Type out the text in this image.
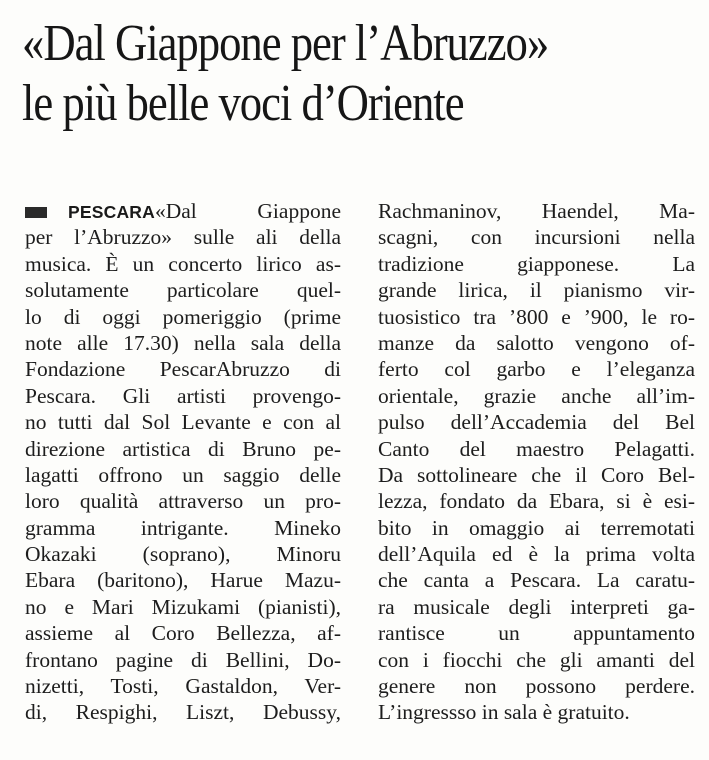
«Dal Giappone per l’Abruzzo»
le più belle voci d’Oriente
PESCARA «Dal Giappone
per l’Abruzzo» sulle ali della
musica. È un concerto lirico as-
solutamente particolare quel-
lo di oggi pomeriggio (prime
note alle 17.30) nella sala della
Fondazione PescarAbruzzo di
Pescara. Gli artisti provengo-
no tutti dal Sol Levante e con al
direzione artistica di Bruno pe-
lagatti offrono un saggio delle
loro qualità attraverso un pro-
gramma intrigante. Mineko
Okazaki (soprano), Minoru
Ebara (baritono), Harue Mazu-
no e Mari Mizukami (pianisti),
assieme al Coro Bellezza, af-
frontano pagine di Bellini, Do-
nizetti, Tosti, Gastaldon, Ver-
di, Respighi, Liszt, Debussy,
Rachmaninov, Haendel, Ma-
scagni, con incursioni nella
tradizione giapponese. La
grande lirica, il pianismo vir-
tuosistico tra ’800 e ’900, le ro-
manze da salotto vengono of-
ferto col garbo e l’eleganza
orientale, grazie anche all’im-
pulso dell’Accademia del Bel
Canto del maestro Pelagatti.
Da sottolineare che il Coro Bel-
lezza, fondato da Ebara, si è esi-
bito in omaggio ai terremotati
dell’Aquila ed è la prima volta
che canta a Pescara. La caratu-
ra musicale degli interpreti ga-
rantisce un appuntamento
con i fiocchi che gli amanti del
genere non possono perdere.
L’ingressso in sala è gratuito.
